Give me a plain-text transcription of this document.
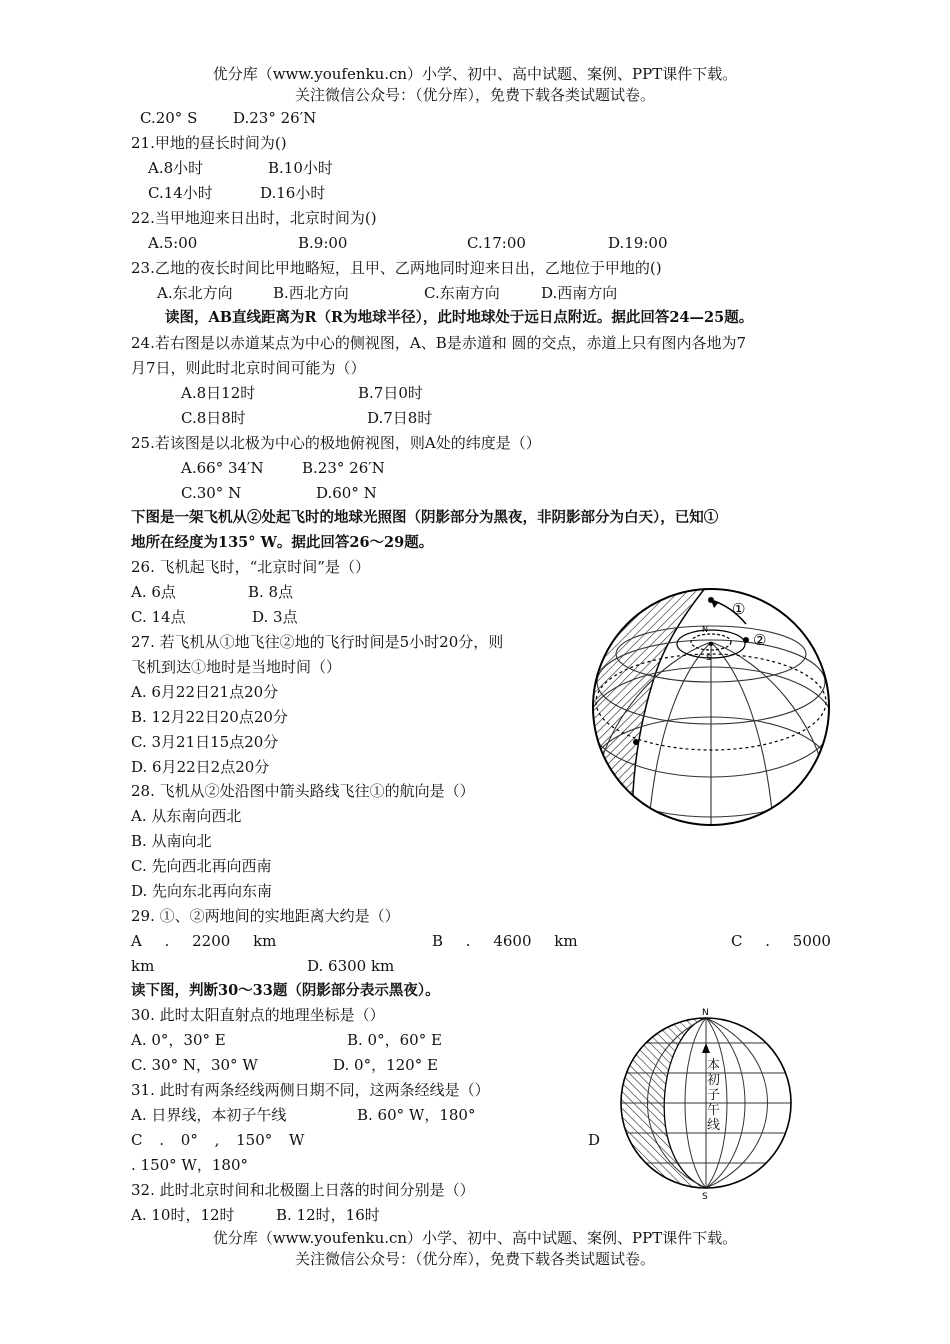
优分库（www.youfenku.cn）小学、初中、高中试题、案例、PPT课件下载。
关注微信公众号：（优分库），免费下载各类试题试卷。
C.20° S D.23° 26′N
21.甲地的昼长时间为()
A.8小时	B.10小时
C.14小时	D.16小时
22.当甲地迎来日出时，北京时间为()
A.5:00	B.9:00	C.17:00	D.19:00
23.乙地的夜长时间比甲地略短，且甲、乙两地同时迎来日出，乙地位于甲地的()
A.东北方向	B.西北方向	C.东南方向	D.西南方向
读图，AB直线距离为R（R为地球半径），此时地球处于远日点附近。据此回答24—25题。
24.若右图是以赤道某点为中心的侧视图，A、B是赤道和 圆的交点，赤道上只有图内各地为7
月7日，则此时北京时间可能为（）
A.8日12时	B.7日0时
C.8日8时	D.7日8时
25.若该图是以北极为中心的极地俯视图，则A处的纬度是（）
A.66° 34′N	B.23° 26′N
C.30° N	D.60° N
下图是一架飞机从②处起飞时的地球光照图（阴影部分为黑夜，非阴影部分为白天），已知①
地所在经度为135° W。据此回答26～29题。
26. 飞机起飞时，“北京时间”是（）
A. 6点	B. 8点
C. 14点	D. 3点
27. 若飞机从①地飞往②地的飞行时间是5小时20分，则
飞机到达①地时是当地时间（）
A. 6月22日21点20分
B. 12月22日20点20分
C. 3月21日15点20分
D. 6月22日2点20分
28. 飞机从②处沿图中箭头路线飞往①的航向是（）
A. 从东南向西北
B. 从南向北
C. 先向西北再向西南
D. 先向东北再向东南
29. ①、②两地间的实地距离大约是（）
A . 2200 km	B . 4600 km	C . 5000
km	D. 6300 km
读下图，判断30～33题（阴影部分表示黑夜）。
30. 此时太阳直射点的地理坐标是（）
A. 0°，30° E	B. 0°，60° E
C. 30° N，30° W	D. 0°，120° E
31. 此时有两条经线两侧日期不同，这两条经线是（）
A. 日界线，本初子午线	B. 60° W，180°
C . 0° , 150° W	D
. 150° W，180°
32. 此时北京时间和北极圈上日落的时间分别是（）
A. 10时，12时	B. 12时，16时
优分库（www.youfenku.cn）小学、初中、高中试题、案例、PPT课件下载。
关注微信公众号：（优分库），免费下载各类试题试卷。
①
②
s
N
N
S
本
初
子
午
线
